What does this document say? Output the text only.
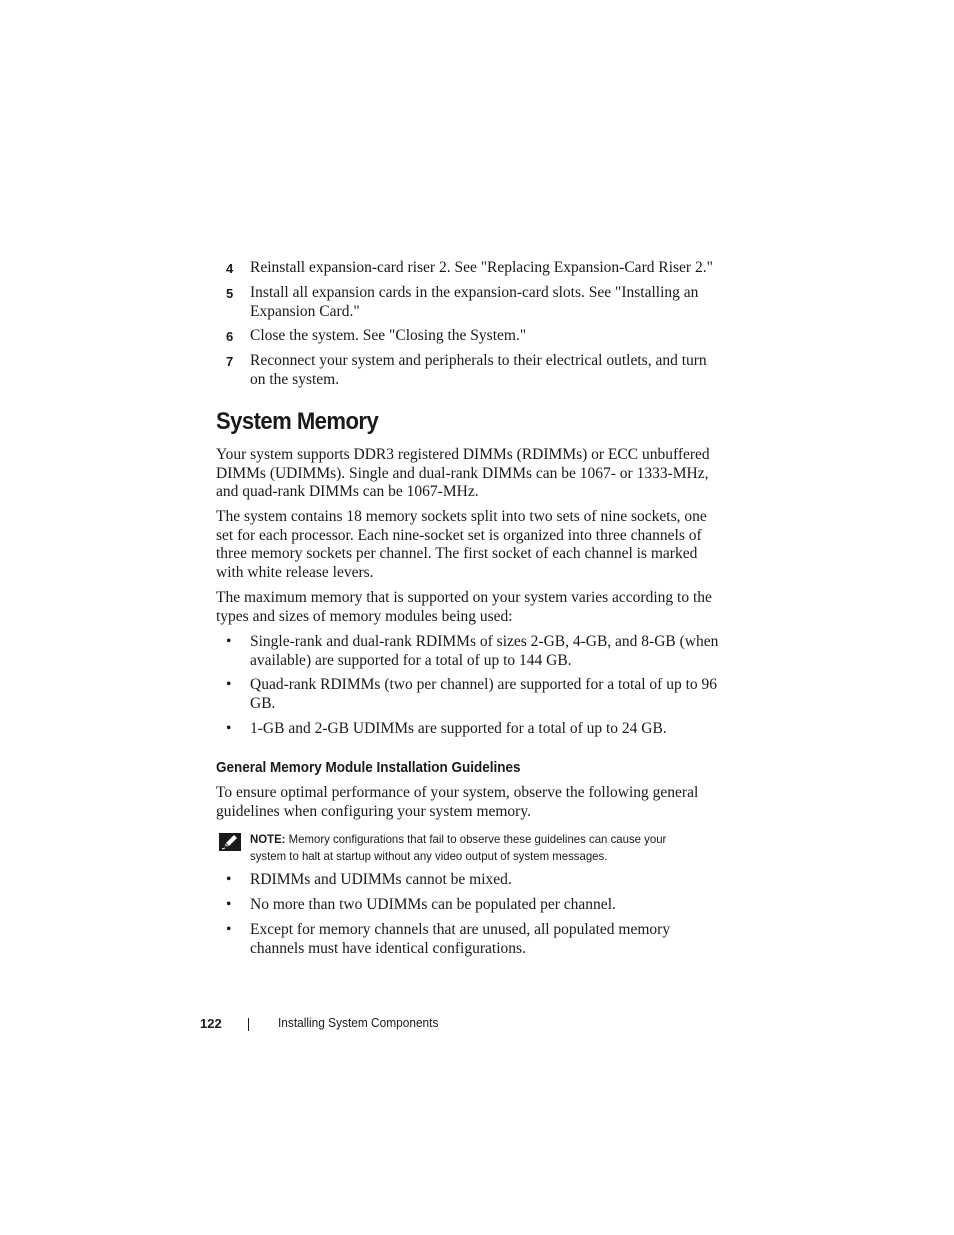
4 Reinstall expansion-card riser 2. See "Replacing Expansion-Card Riser 2."
5 Install all expansion cards in the expansion-card slots. See "Installing an Expansion Card."
6 Close the system. See "Closing the System."
7 Reconnect your system and peripherals to their electrical outlets, and turn on the system.
System Memory
Your system supports DDR3 registered DIMMs (RDIMMs) or ECC unbuffered DIMMs (UDIMMs). Single and dual-rank DIMMs can be 1067- or 1333-MHz, and quad-rank DIMMs can be 1067-MHz.
The system contains 18 memory sockets split into two sets of nine sockets, one set for each processor. Each nine-socket set is organized into three channels of three memory sockets per channel. The first socket of each channel is marked with white release levers.
The maximum memory that is supported on your system varies according to the types and sizes of memory modules being used:
• Single-rank and dual-rank RDIMMs of sizes 2-GB, 4-GB, and 8-GB (when available) are supported for a total of up to 144 GB.
• Quad-rank RDIMMs (two per channel) are supported for a total of up to 96 GB.
• 1-GB and 2-GB UDIMMs are supported for a total of up to 24 GB.
General Memory Module Installation Guidelines
To ensure optimal performance of your system, observe the following general guidelines when configuring your system memory.
NOTE: Memory configurations that fail to observe these guidelines can cause your system to halt at startup without any video output of system messages.
• RDIMMs and UDIMMs cannot be mixed.
• No more than two UDIMMs can be populated per channel.
• Except for memory channels that are unused, all populated memory channels must have identical configurations.
122	Installing System Components
